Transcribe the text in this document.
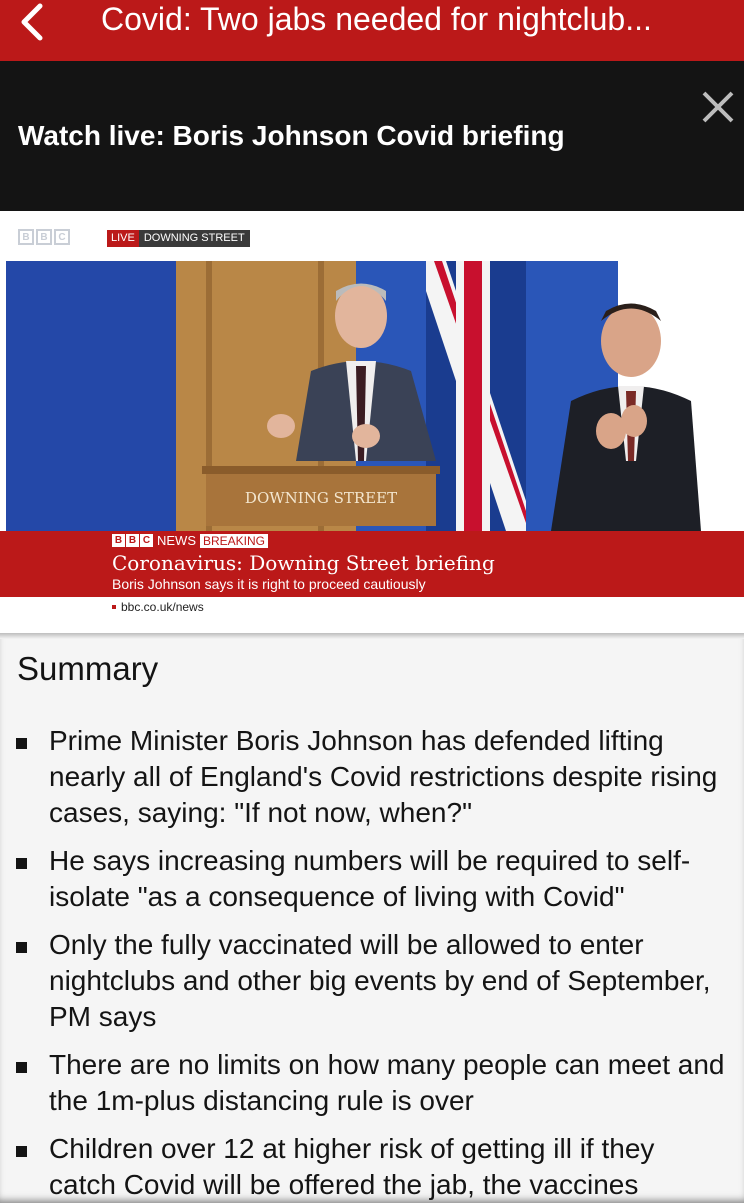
Covid: Two jabs needed for nightclub...
Watch live: Boris Johnson Covid briefing
B	B	C	LIVE DOWNING STREET
DOWNING STREET
B B C NEWS BREAKING
Coronavirus: Downing Street briefing
Boris Johnson says it is right to proceed cautiously
bbc.co.uk/news
Summary
Prime Minister Boris Johnson has defended lifting nearly all of England's Covid restrictions despite rising cases, saying: "If not now, when?"
He says increasing numbers will be required to self-isolate "as a consequence of living with Covid"
Only the fully vaccinated will be allowed to enter nightclubs and other big events by end of September, PM says
There are no limits on how many people can meet and the 1m-plus distancing rule is over
Children over 12 at higher risk of getting ill if they catch Covid will be offered the jab, the vaccines
